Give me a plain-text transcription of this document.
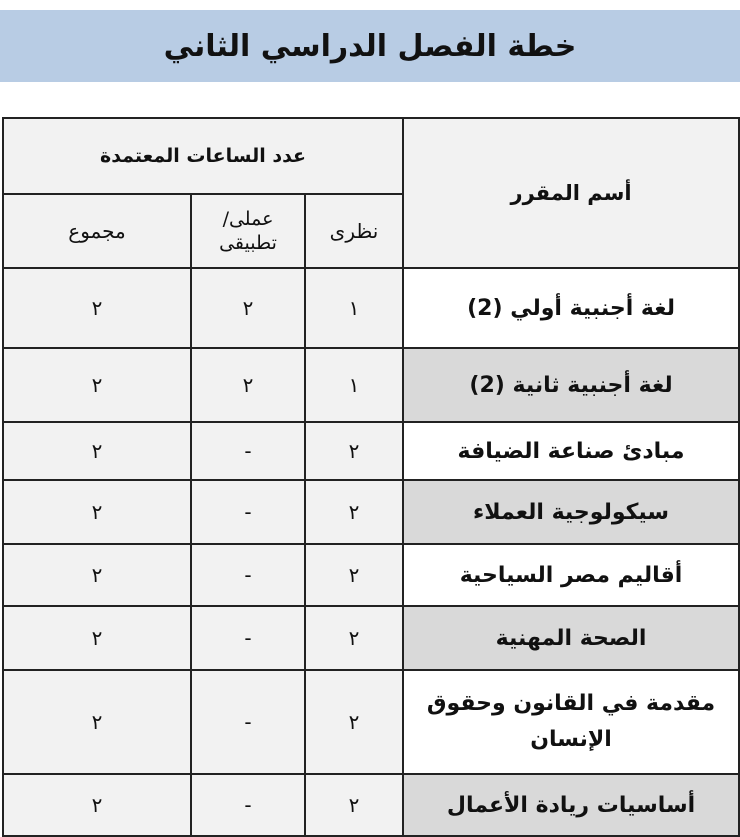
خطة الفصل الدراسي الثاني
عدد الساعات المعتمدة			أسم المقرر
مجموع	عملى/ تطبيقى	نظرى	
٢	٢	١	لغة أجنبية أولي (2)
٢	٢	١	لغة أجنبية ثانية (2)
٢	-	٢	مبادئ صناعة الضيافة
٢	-	٢	سيكولوجية العملاء
٢	-	٢	أقاليم مصر السياحية
٢	-	٢	الصحة المهنية
٢	-	٢	مقدمة في القانون وحقوق
الإنسان

٢	-	٢	أساسيات ريادة الأعمال
